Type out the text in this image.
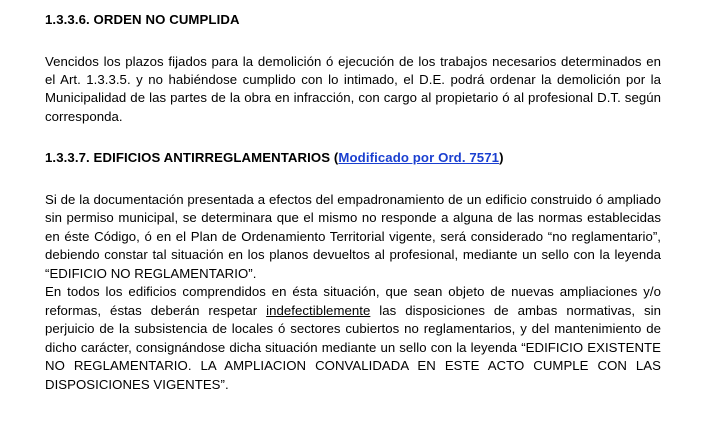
1.3.3.6. ORDEN NO CUMPLIDA

Vencidos los plazos fijados para la demolición ó ejecución de los trabajos necesarios determinados en el Art. 1.3.3.5. y no habiéndose cumplido con lo intimado, el D.E. podrá ordenar la demolición por la Municipalidad de las partes de la obra en infracción, con cargo al propietario ó al profesional D.T. según corresponda.

1.3.3.7. EDIFICIOS ANTIRREGLAMENTARIOS (Modificado por Ord. 7571)

Si de la documentación presentada a efectos del empadronamiento de un edificio construido ó ampliado sin permiso municipal, se determinara que el mismo no responde a alguna de las normas establecidas en éste Código, ó en el Plan de Ordenamiento Territorial vigente, será considerado “no reglamentario”, debiendo constar tal situación en los planos devueltos al profesional, mediante un sello con la leyenda “EDIFICIO NO REGLAMENTARIO”.

En todos los edificios comprendidos en ésta situación, que sean objeto de nuevas ampliaciones y/o reformas, éstas deberán respetar indefectiblemente las disposiciones de ambas normativas, sin perjuicio de la subsistencia de locales ó sectores cubiertos no reglamentarios, y del mantenimiento de dicho carácter, consignándose dicha situación mediante un sello con la leyenda “EDIFICIO EXISTENTE NO REGLAMENTARIO. LA AMPLIACION CONVALIDADA EN ESTE ACTO CUMPLE CON LAS DISPOSICIONES VIGENTES”.
